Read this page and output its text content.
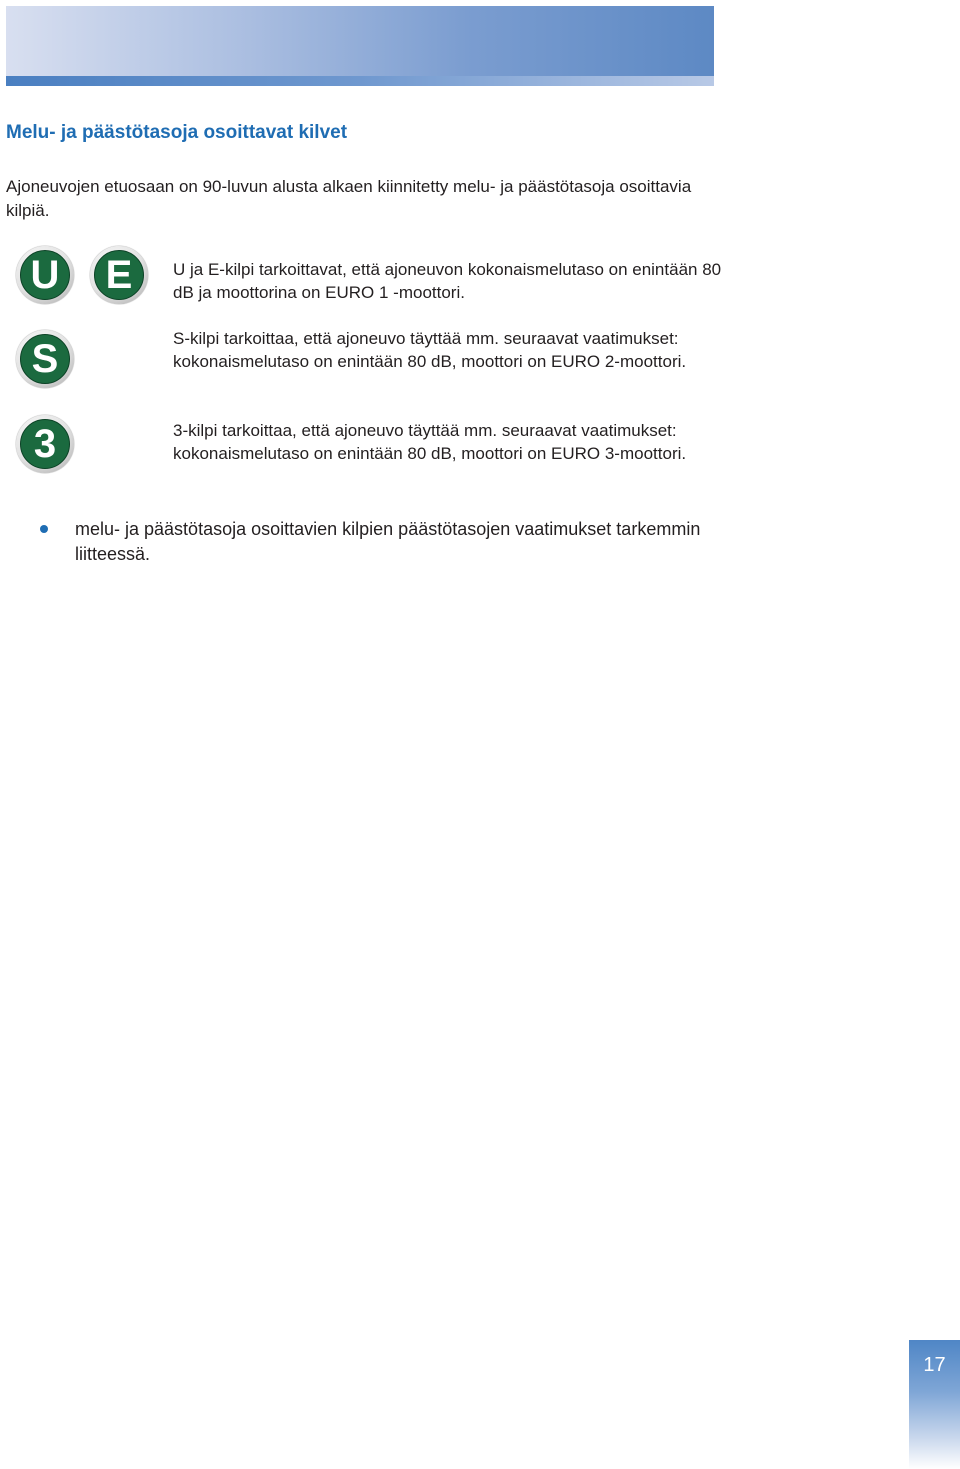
Melu- ja päästötasoja osoittavat kilvet

Ajoneuvojen etuosaan on 90-luvun alusta alkaen kiinnitetty melu- ja päästötasoja osoittavia kilpiä.

U E	U ja E-kilpi tarkoittavat, että ajoneuvon kokonaismelutaso on enintään 80 dB ja moottorina on EURO 1 -moottori.

S	S-kilpi tarkoittaa, että ajoneuvo täyttää mm. seuraavat vaatimukset: kokonaismelutaso on enintään 80 dB, moottori on EURO 2-moottori.

3	3-kilpi tarkoittaa, että ajoneuvo täyttää mm. seuraavat vaatimukset: kokonaismelutaso on enintään 80 dB, moottori on EURO 3-moottori.

melu- ja päästötasoja osoittavien kilpien päästötasojen vaatimukset tarkemmin liitteessä.
17
